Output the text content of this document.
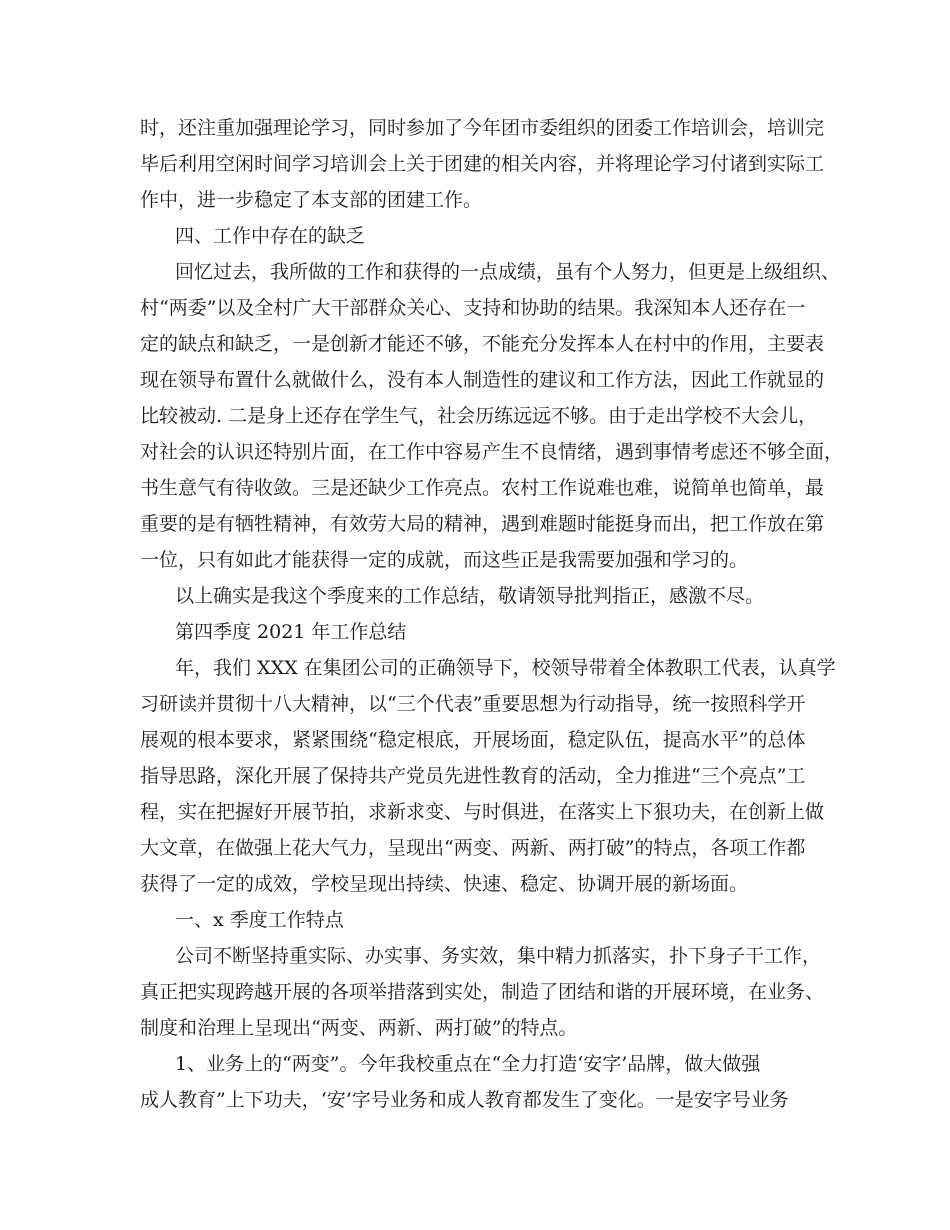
时，还注重加强理论学习，同时参加了今年团市委组织的团委工作培训会，培训完
毕后利用空闲时间学习培训会上关于团建的相关内容，并将理论学习付诸到实际工
作中，进一步稳定了本支部的团建工作。
四、工作中存在的缺乏
回忆过去，我所做的工作和获得的一点成绩，虽有个人努力，但更是上级组织、
村“两委”以及全村广大干部群众关心、支持和协助的结果。我深知本人还存在一
定的缺点和缺乏，一是创新才能还不够，不能充分发挥本人在村中的作用，主要表
现在领导布置什么就做什么，没有本人制造性的建议和工作方法，因此工作就显的
比较被动. 二是身上还存在学生气，社会历练远远不够。由于走出学校不大会儿，
对社会的认识还特别片面，在工作中容易产生不良情绪，遇到事情考虑还不够全面，
书生意气有待收敛。三是还缺少工作亮点。农村工作说难也难，说简单也简单，最
重要的是有牺牲精神，有效劳大局的精神，遇到难题时能挺身而出，把工作放在第
一位，只有如此才能获得一定的成就，而这些正是我需要加强和学习的。
以上确实是我这个季度来的工作总结，敬请领导批判指正，感激不尽。
第四季度 2021 年工作总结
年，我们 XXX 在集团公司的正确领导下，校领导带着全体教职工代表，认真学
习研读并贯彻十八大精神，以“三个代表”重要思想为行动指导，统一按照科学开
展观的根本要求，紧紧围绕“稳定根底，开展场面，稳定队伍，提高水平”的总体
指导思路，深化开展了保持共产党员先进性教育的活动，全力推进“三个亮点”工
程，实在把握好开展节拍，求新求变、与时俱进，在落实上下狠功夫，在创新上做
大文章，在做强上花大气力，呈现出“两变、两新、两打破”的特点，各项工作都
获得了一定的成效，学校呈现出持续、快速、稳定、协调开展的新场面。
一、x 季度工作特点
公司不断坚持重实际、办实事、务实效，集中精力抓落实，扑下身子干工作，
真正把实现跨越开展的各项举措落到实处，制造了团结和谐的开展环境，在业务、
制度和治理上呈现出“两变、两新、两打破”的特点。
1、业务上的“两变”。今年我校重点在“全力打造‘安字’品牌，做大做强
成人教育”上下功夫，‘安’字号业务和成人教育都发生了变化。一是安字号业务
